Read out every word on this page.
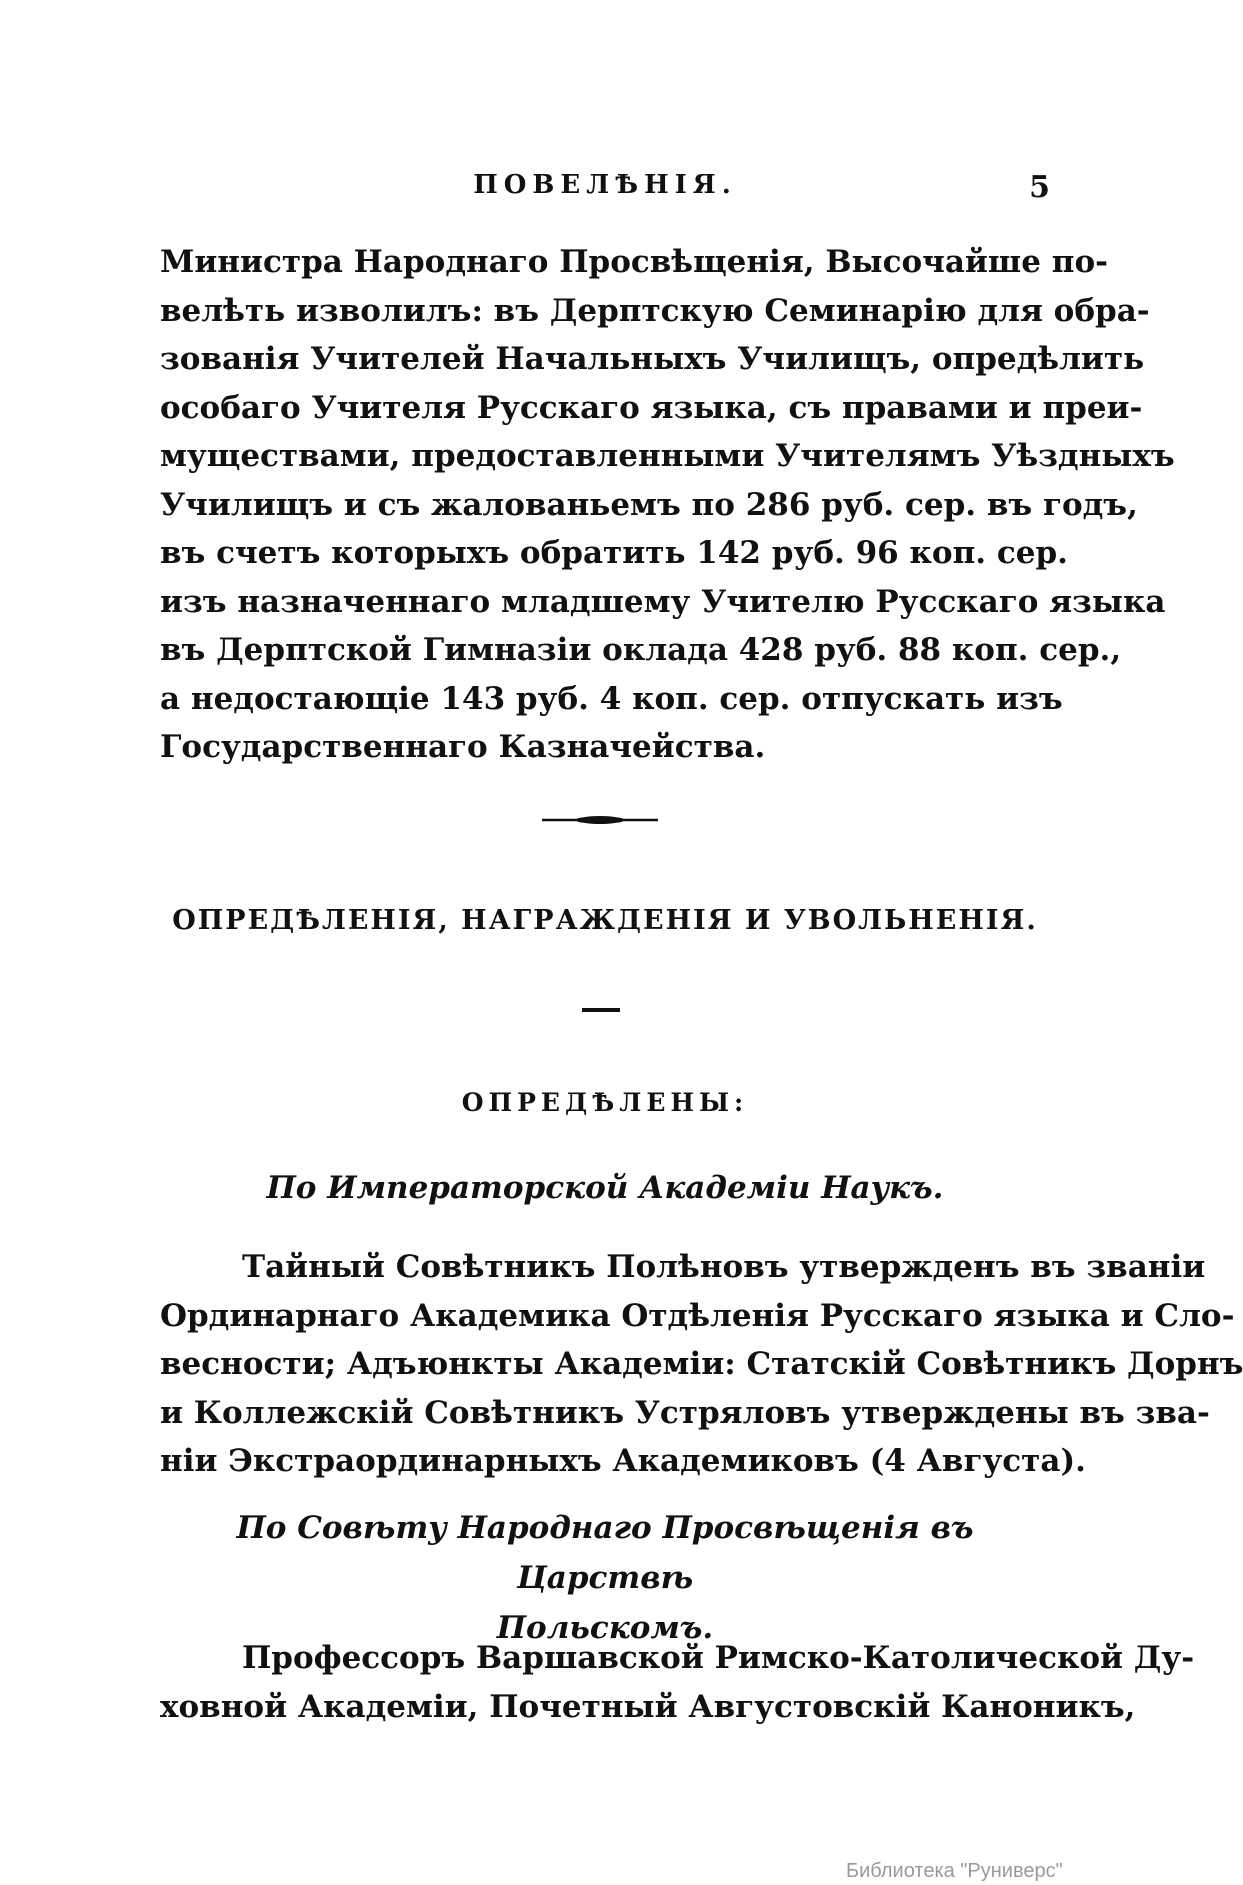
ПОВЕЛѢНІЯ.	5
Министра Народнаго Просвѣщенія, Высочайше по-
велѣть изволилъ: въ Дерптскую Семинарію для обра-
зованія Учителей Начальныхъ Училищъ, опредѣлить
особаго Учителя Русскаго языка, съ правами и преи-
муществами, предоставленными Учителямъ Уѣздныхъ
Училищъ и съ жалованьемъ по 286 руб. сер. въ годъ,
въ счетъ которыхъ обратить 142 руб. 96 коп. сер.
изъ назначеннаго младшему Учителю Русскаго языка
въ Дерптской Гимназіи оклада 428 руб. 88 коп. сер.,
а недостающіе 143 руб. 4 коп. сер. отпускать изъ
Государственнаго Казначейства.
ОПРЕДѢЛЕНІЯ, НАГРАЖДЕНІЯ И УВОЛЬНЕНІЯ.
ОПРЕДѢЛЕНЫ:
По Императорской Академіи Наукъ.
Тайный Совѣтникъ Полѣновъ утвержденъ въ званіи
Ординарнаго Академика Отдѣленія Русскаго языка и Сло-
весности; Адъюнкты Академіи: Статскій Совѣтникъ Дорнъ
и Коллежскій Совѣтникъ Устряловъ утверждены въ зва-
ніи Экстраординарныхъ Академиковъ (4 Августа).
По Совѣту Народнаго Просвѣщенія въ Царствѣ
Польскомъ.
Профессоръ Варшавской Римско-Католической Ду-
ховной Академіи, Почетный Августовскій Каноникъ,
Библиотека "Руниверс"
